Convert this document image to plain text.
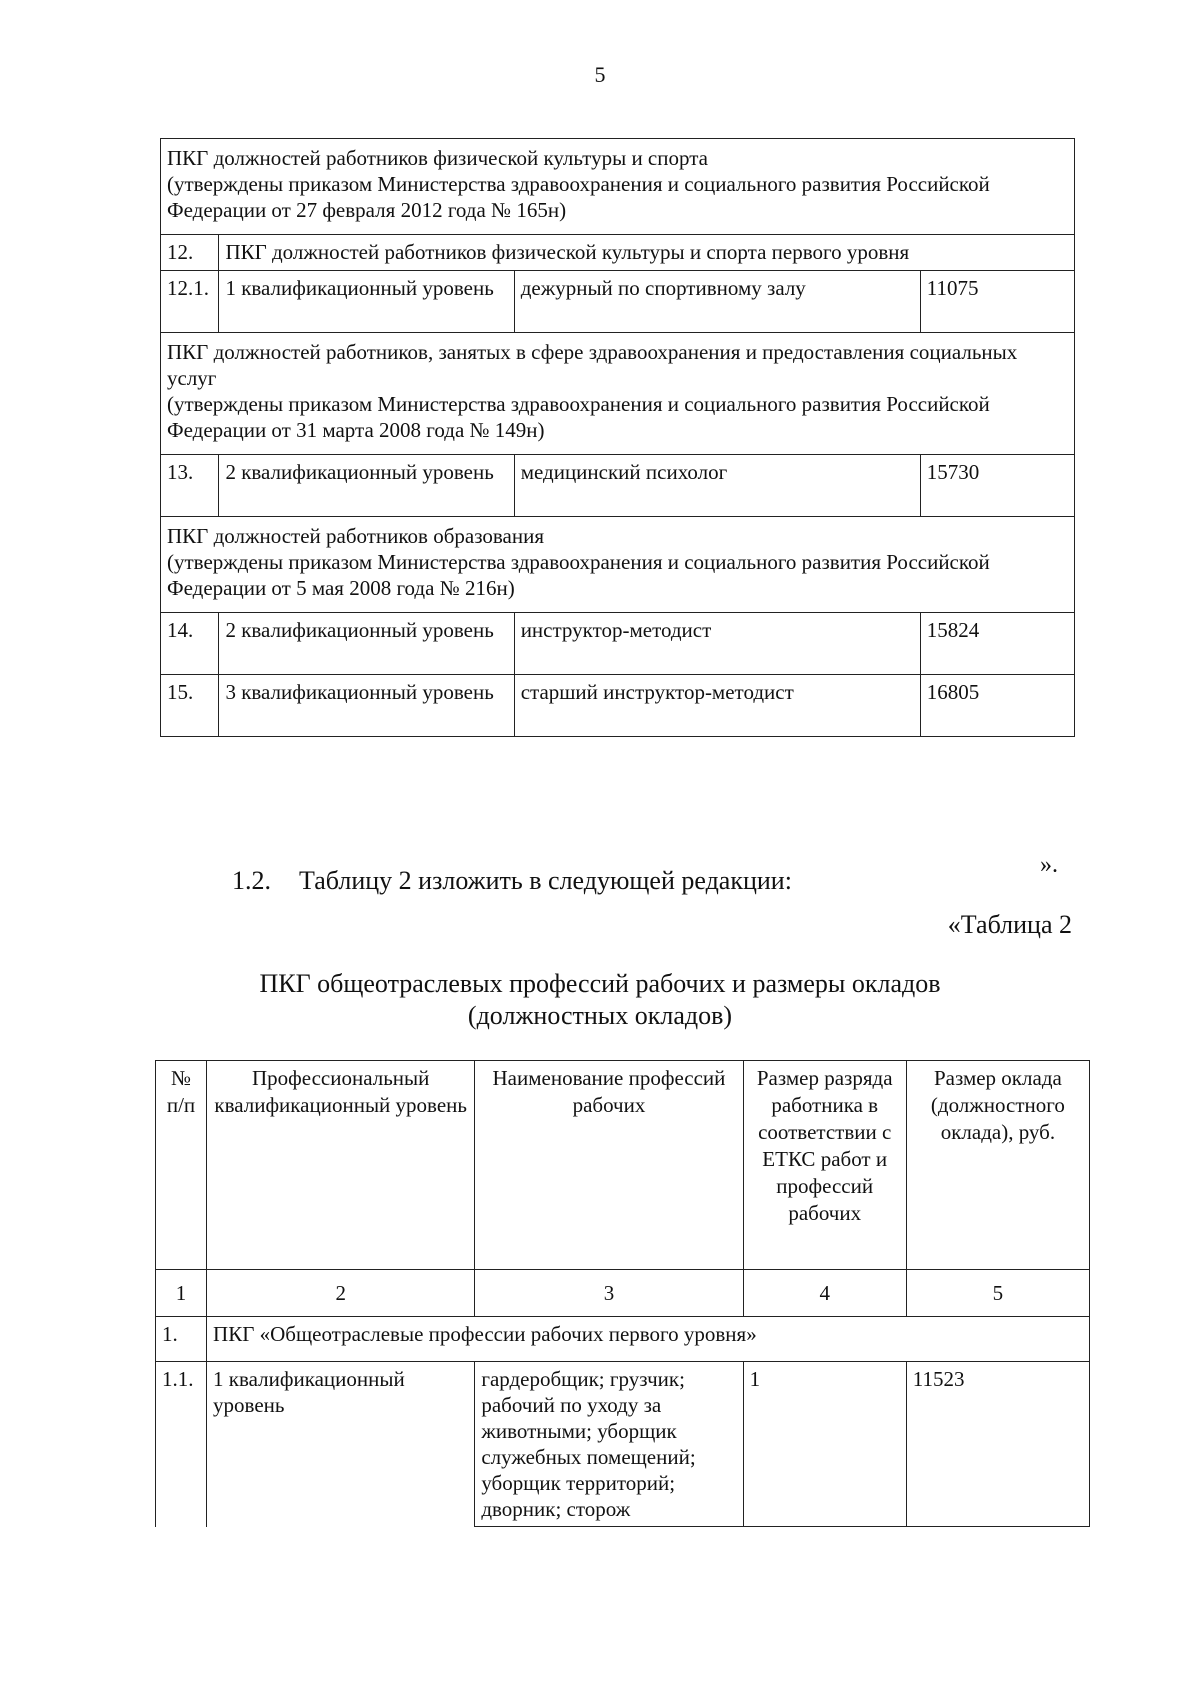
5
ПКГ должностей работников физической культуры и спорта
(утверждены приказом Министерства здравоохранения и социального развития Российской Федерации от 27 февраля 2012 года № 165н)			
12.	ПКГ должностей работников физической культуры и спорта первого уровня		
12.1.	1 квалификационный уровень	дежурный по спортивному залу	11075
ПКГ должностей работников, занятых в сфере здравоохранения и предоставления социальных услуг
(утверждены приказом Министерства здравоохранения и социального развития Российской Федерации от 31 марта 2008 года № 149н)			
13.	2 квалификационный уровень	медицинский психолог	15730
ПКГ должностей работников образования
(утверждены приказом Министерства здравоохранения и социального развития Российской Федерации от 5 мая 2008 года № 216н)			
14.	2 квалификационный уровень	инструктор-методист	15824
15.	3 квалификационный уровень	старший инструктор-методист	16805
».
1.2. Таблицу 2 изложить в следующей редакции:
«Таблица 2
ПКГ общеотраслевых профессий рабочих и размеры окладов
(должностных окладов)
№
п/п	Профессиональный квалификационный уровень	Наименование профессий рабочих	Размер разряда работника в соответствии с ЕТКС работ и профессий рабочих	Размер оклада (должностного оклада), руб.
1	2	3	4	5
1.	ПКГ «Общеотраслевые профессии рабочих первого уровня»			
1.1.	1 квалификационный уровень	гардеробщик; грузчик; рабочий по уходу за животными; уборщик служебных помещений; уборщик территорий; дворник; сторож	1	11523
